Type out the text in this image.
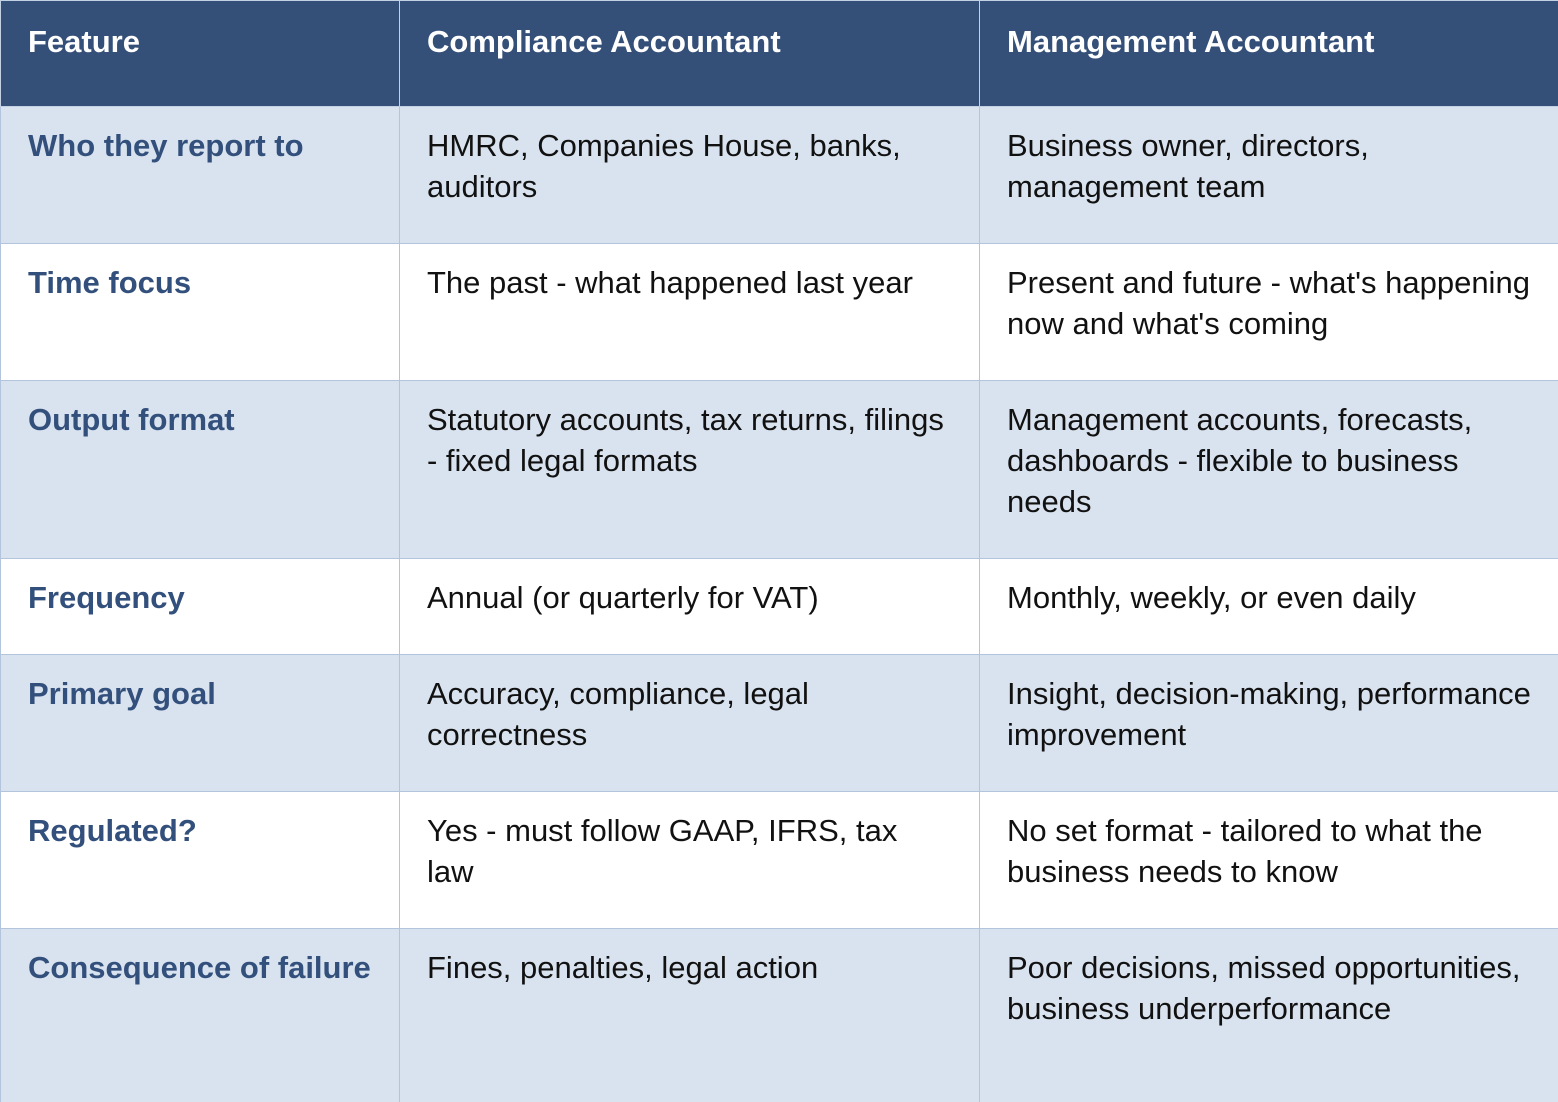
Feature	Compliance Accountant	Management Accountant
Who they report to	HMRC, Companies House, banks, auditors	Business owner, directors, management team
Time focus	The past - what happened last year	Present and future - what's happening now and what's coming
Output format	Statutory accounts, tax returns, filings - fixed legal formats	Management accounts, forecasts, dashboards - flexible to business needs
Frequency	Annual (or quarterly for VAT)	Monthly, weekly, or even daily
Primary goal	Accuracy, compliance, legal correctness	Insight, decision-making, performance improvement
Regulated?	Yes - must follow GAAP, IFRS, tax law	No set format - tailored to what the business needs to know
Consequence of failure	Fines, penalties, legal action	Poor decisions, missed opportunities, business underperformance
